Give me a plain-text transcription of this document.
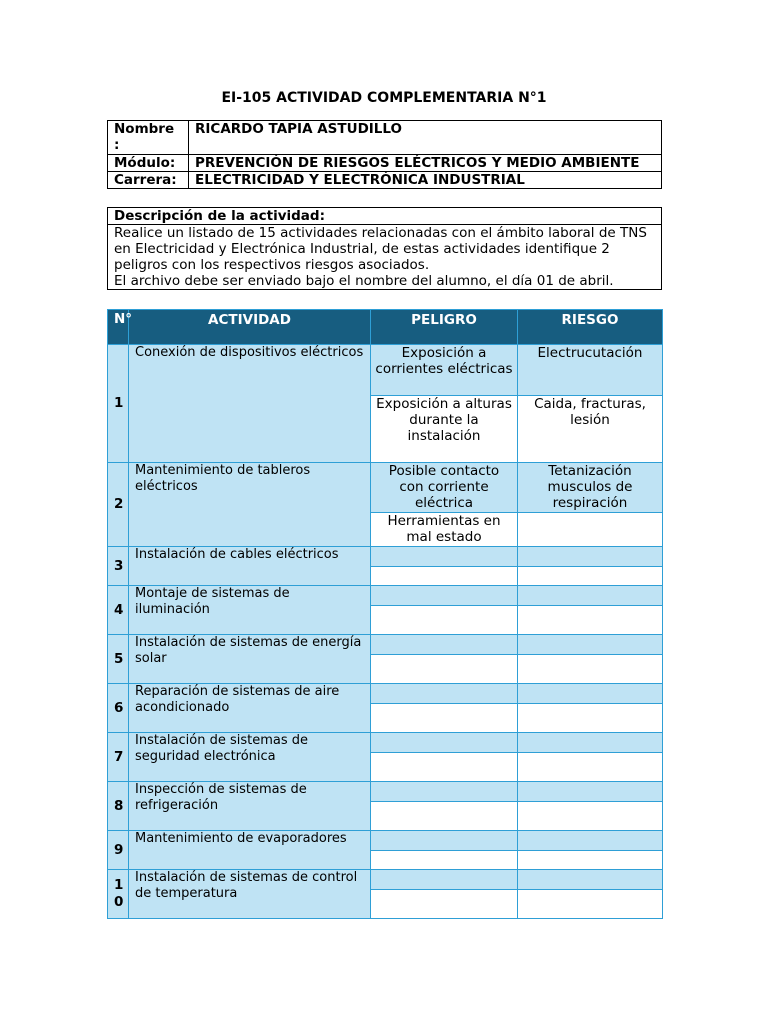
EI-105 ACTIVIDAD COMPLEMENTARIA N°1
Nombre :	RICARDO TAPIA ASTUDILLO
Módulo:	PREVENCIÓN DE RIESGOS ELÉCTRICOS Y MEDIO AMBIENTE
Carrera:	ELECTRICIDAD Y ELECTRÓNICA INDUSTRIAL
Descripción de la actividad:

Realice un listado de 15 actividades relacionadas con el ámbito laboral de TNS en Electricidad y Electrónica Industrial, de estas actividades identifique 2 peligros con los respectivos riesgos asociados.
El archivo debe ser enviado bajo el nombre del alumno, el día 01 de abril.
N°	ACTIVIDAD	PELIGRO	RIESGO
1	Conexión de dispositivos eléctricos	Exposición a corrientes eléctricas	Electrucutación
		Exposición a alturas durante la instalación	Caida, fracturas, lesión
2	Mantenimiento de tableros eléctricos	Posible contacto con corriente eléctrica	Tetanización musculos de respiración
		Herramientas en mal estado	
3	Instalación de cables eléctricos		

4	Montaje de sistemas de iluminación		

5	Instalación de sistemas de energía solar		

6	Reparación de sistemas de aire acondicionado		

7	Instalación de sistemas de seguridad electrónica		

8	Inspección de sistemas de refrigeración		

9	Mantenimiento de evaporadores		

10	Instalación de sistemas de control de temperatura		
